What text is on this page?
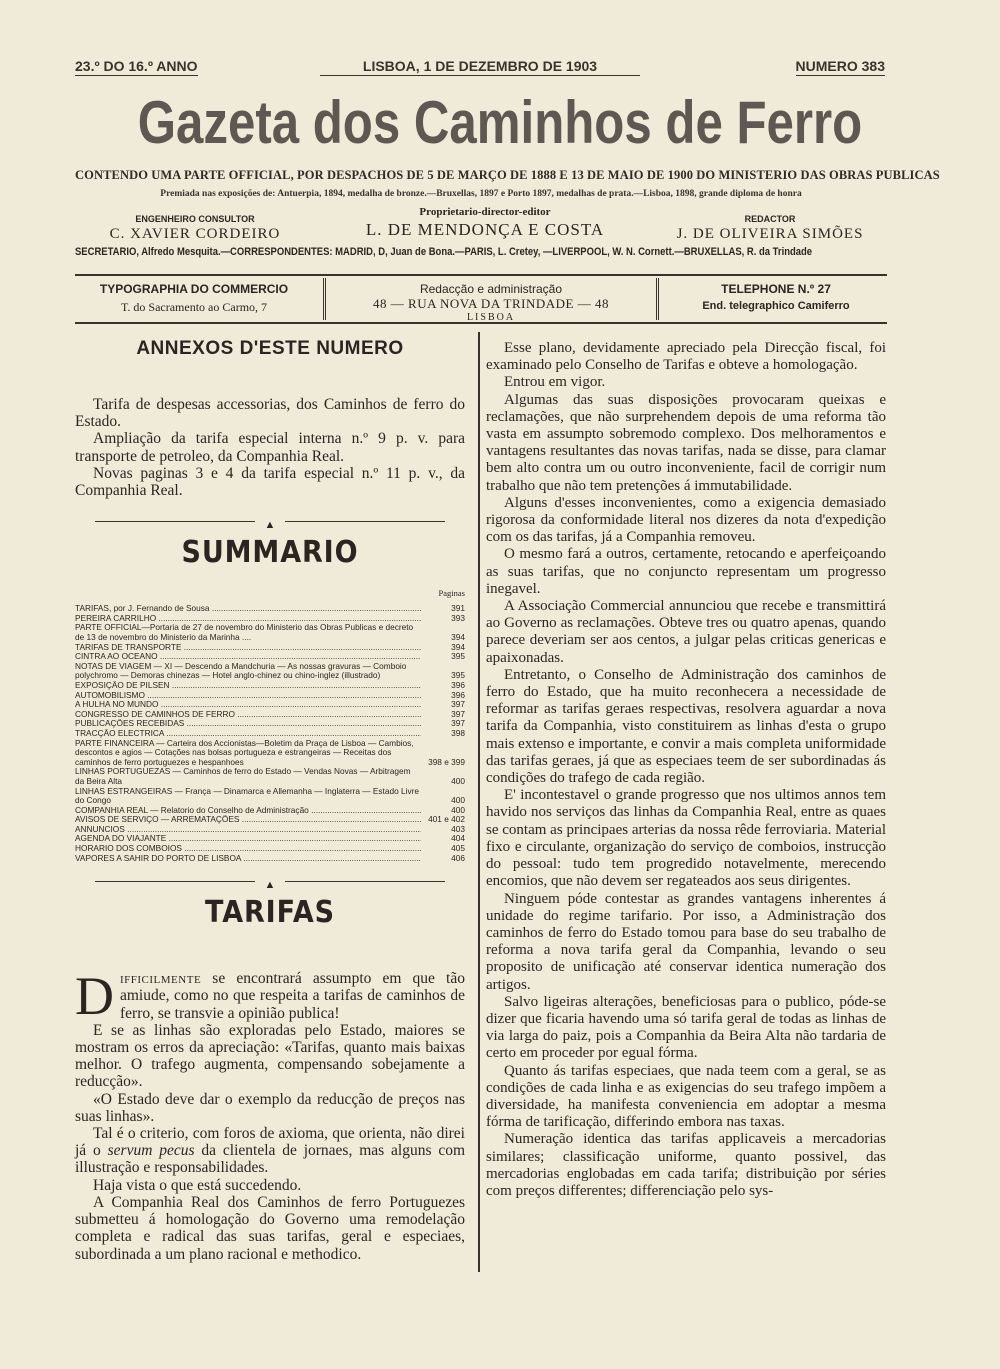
23.º DO 16.º ANNO	LISBOA, 1 DE DEZEMBRO DE 1903	NUMERO 383
Gazeta dos Caminhos de Ferro
CONTENDO UMA PARTE OFFICIAL, POR DESPACHOS DE 5 DE MARÇO DE 1888 E 13 DE MAIO DE 1900 DO MINISTERIO DAS OBRAS PUBLICAS
Premiada nas exposições de: Antuerpia, 1894, medalha de bronze.—Bruxellas, 1897 e Porto 1897, medalhas de prata.—Lisboa, 1898, grande diploma de honra
ENGENHEIRO CONSULTOR
C. XAVIER CORDEIRO
Proprietario-director-editor
L. DE MENDONÇA E COSTA
REDACTOR
J. DE OLIVEIRA SIMÕES
SECRETARIO, Alfredo Mesquita.—CORRESPONDENTES: MADRID, D, Juan de Bona.—PARIS, L. Cretey, —LIVERPOOL, W. N. Cornett.—BRUXELLAS, R. da Trindade
TYPOGRAPHIA DO COMMERCIO
T. do Sacramento ao Carmo, 7
Redacção e administração
48 — RUA NOVA DA TRINDADE — 48
LISBOA
TELEPHONE N.º 27
End. telegraphico Camiferro
ANNEXOS D'ESTE NUMERO

Tarifa de despesas accessorias, dos Caminhos de ferro do Estado.

Ampliação da tarifa especial interna n.º 9 p. v. para transporte de petroleo, da Companhia Real.

Novas paginas 3 e 4 da tarifa especial n.º 11 p. v., da Companhia Real.

▲
SUMMARIO
Paginas
TARIFAS, por J. Fernando de Sousa .....	391
PEREIRA CARRILHO .....	393
PARTE OFFICIAL—Portaria de 27 de novembro do Ministerio das Obras Publicas e decreto de 13 de novembro do Ministerio da Marinha ....	394
TARIFAS DE TRANSPORTE .....	394
CINTRA AO OCEANO .....	395
NOTAS DE VIAGEM — XI — Descendo a Mandchuria — As nossas gravuras — Comboio polychromo — Demoras chinezas — Hotel anglo-chinez ou chino-inglez (illustrado)	395
EXPOSIÇÃO DE PILSEN .....	396
AUTOMOBILISMO .....	396
A HULHA NO MUNDO .....	397
CONGRESSO DE CAMINHOS DE FERRO .....	397
PUBLICAÇÕES RECEBIDAS .....	397
TRACÇÃO ELECTRICA .....	398
PARTE FINANCEIRA — Carteira dos Accionistas—Boletim da Praça de Lisboa — Cambios, descontos e agios — Cotações nas bolsas portugueza e estrangeiras — Receitas dos caminhos de ferro portuguezes e hespanhoes	398 e 399
LINHAS PORTUGUEZAS — Caminhos de ferro do Estado — Vendas Novas — Arbitragem da Beira Alta	400
LINHAS ESTRANGEIRAS — França — Dinamarca e Allemanha — Inglaterra — Estado Livre do Congo	400
COMPANHIA REAL — Relatorio do Conselho de Administração .....	400
AVISOS DE SERVIÇO — ARREMATAÇÕES .....	401 e 402
ANNUNCIOS .....	403
AGENDA DO VIAJANTE .....	404
HORARIO DOS COMBOIOS .....	405
VAPORES A SAHIR DO PORTO DE LISBOA .....	406
▲
TARIFAS

Difficilmente se encontrará assumpto em que tão amiude, como no que respeita a tarifas de caminhos de ferro, se transvie a opinião publica!

E se as linhas são exploradas pelo Estado, maiores se mostram os erros da apreciação: «Tarifas, quanto mais baixas melhor. O trafego augmenta, compensando sobejamente a reducção».

«O Estado deve dar o exemplo da reducção de preços nas suas linhas».

Tal é o criterio, com foros de axioma, que orienta, não direi já o servum pecus da clientela de jornaes, mas alguns com illustração e responsabilidades.

Haja vista o que está succedendo.

A Companhia Real dos Caminhos de ferro Portuguezes submetteu á homologação do Governo uma remodelação completa e radical das suas tarifas, geral e especiaes, subordinada a um plano racional e methodico.

Esse plano, devidamente apreciado pela Direcção fiscal, foi examinado pelo Conselho de Tarifas e obteve a homologação.

Entrou em vigor.

Algumas das suas disposições provocaram queixas e reclamações, que não surprehendem depois de uma reforma tão vasta em assumpto sobremodo complexo. Dos melhoramentos e vantagens resultantes das novas tarifas, nada se disse, para clamar bem alto contra um ou outro inconveniente, facil de corrigir num trabalho que não tem pretenções á immutabilidade.

Alguns d'esses inconvenientes, como a exigencia demasiado rigorosa da conformidade literal nos dizeres da nota d'expedição com os das tarifas, já a Companhia removeu.

O mesmo fará a outros, certamente, retocando e aperfeiçoando as suas tarifas, que no conjuncto representam um progresso inegavel.

A Associação Commercial annunciou que recebe e transmittirá ao Governo as reclamações. Obteve tres ou quatro apenas, quando parece deveriam ser aos centos, a julgar pelas criticas genericas e apaixonadas.

Entretanto, o Conselho de Administração dos caminhos de ferro do Estado, que ha muito reconhecera a necessidade de reformar as tarifas geraes respectivas, resolvera aguardar a nova tarifa da Companhia, visto constituirem as linhas d'esta o grupo mais extenso e importante, e convir a mais completa uniformidade das tarifas geraes, já que as especiaes teem de ser subordinadas ás condições do trafego de cada região.

E' incontestavel o grande progresso que nos ultimos annos tem havido nos serviços das linhas da Companhia Real, entre as quaes se contam as principaes arterias da nossa rêde ferroviaria. Material fixo e circulante, organização do serviço de comboios, instrucção do pessoal: tudo tem progredido notavelmente, merecendo encomios, que não devem ser regateados aos seus dirigentes.

Ninguem póde contestar as grandes vantagens inherentes á unidade do regime tarifario. Por isso, a Administração dos caminhos de ferro do Estado tomou para base do seu trabalho de reforma a nova tarifa geral da Companhia, levando o seu proposito de unificação até conservar identica numeração dos artigos.

Salvo ligeiras alterações, beneficiosas para o publico, póde-se dizer que ficaria havendo uma só tarifa geral de todas as linhas de via larga do paiz, pois a Companhia da Beira Alta não tardaria de certo em proceder por egual fórma.

Quanto ás tarifas especiaes, que nada teem com a geral, se as condições de cada linha e as exigencias do seu trafego impõem a diversidade, ha manifesta conveniencia em adoptar a mesma fórma de tarificação, differindo embora nas taxas.

Numeração identica das tarifas applicaveis a mercadorias similares; classificação uniforme, quanto possivel, das mercadorias englobadas em cada tarifa; distribuição por séries com preços differentes; differenciação pelo sys-
